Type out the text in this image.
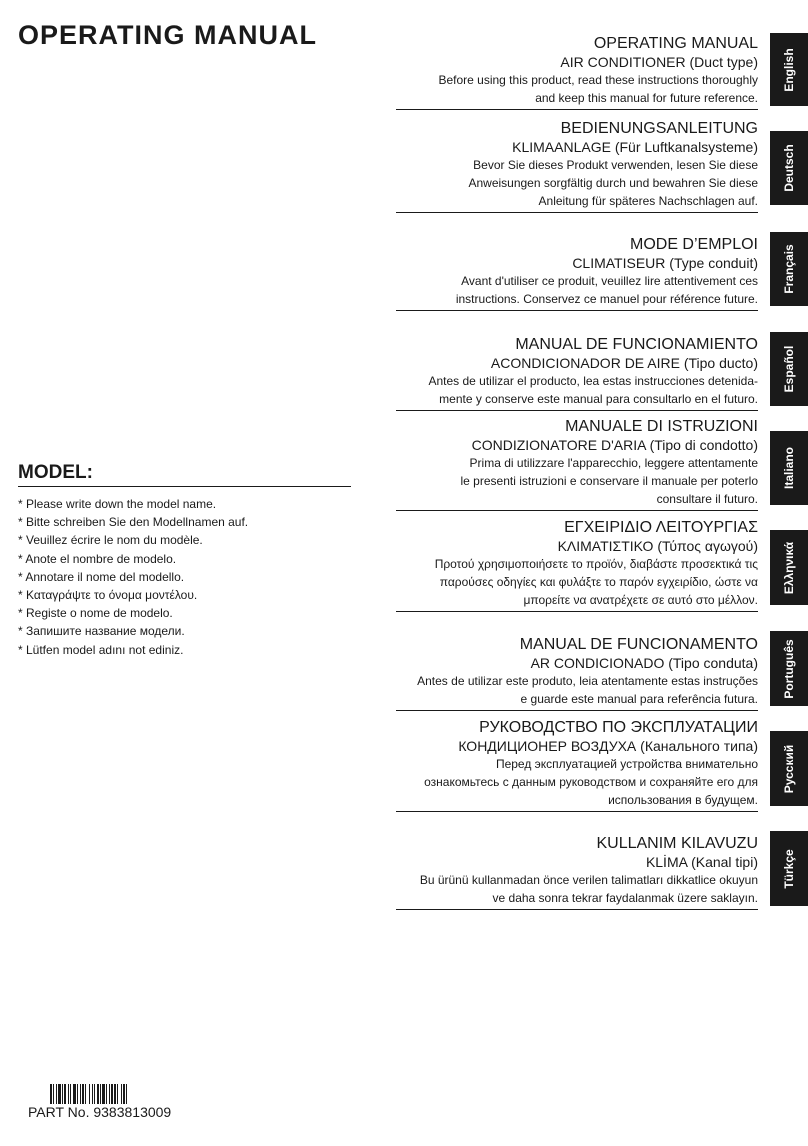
OPERATING MANUAL

MODEL:

* Please write down the model name.
* Bitte schreiben Sie den Modellnamen auf.
* Veuillez écrire le nom du modèle.
* Anote el nombre de modelo.
* Annotare il nome del modello.
* Καταγράψτε το όνομα μοντέλου.
* Registe o nome de modelo.
* Запишите название модели.
* Lütfen model adını not ediniz.

OPERATING MANUAL

AIR CONDITIONER (Duct type)

Before using this product, read these instructions thoroughly
and keep this manual for future reference.

BEDIENUNGSANLEITUNG

KLIMAANLAGE (Für Luftkanalsysteme)

Bevor Sie dieses Produkt verwenden, lesen Sie diese
Anweisungen sorgfältig durch und bewahren Sie diese
Anleitung für späteres Nachschlagen auf.

MODE D’EMPLOI

CLIMATISEUR (Type conduit)

Avant d'utiliser ce produit, veuillez lire attentivement ces
instructions. Conservez ce manuel pour référence future.

MANUAL DE FUNCIONAMIENTO

ACONDICIONADOR DE AIRE (Tipo ducto)

Antes de utilizar el producto, lea estas instrucciones detenida-
mente y conserve este manual para consultarlo en el futuro.

MANUALE DI ISTRUZIONI

CONDIZIONATORE D'ARIA (Tipo di condotto)

Prima di utilizzare l'apparecchio, leggere attentamente
le presenti istruzioni e conservare il manuale per poterlo
consultare il futuro.

ΕΓΧΕΙΡΙΔΙΟ ΛΕΙΤΟΥΡΓΙΑΣ

ΚΛΙΜΑΤΙΣΤΙΚΟ (Τύπος αγωγού)

Προτού χρησιμοποιήσετε το προϊόν, διαβάστε προσεκτικά τις
παρούσες οδηγίες και φυλάξτε το παρόν εγχειρίδιο, ώστε να
μπορείτε να ανατρέχετε σε αυτό στο μέλλον.

MANUAL DE FUNCIONAMENTO

AR CONDICIONADO (Tipo conduta)

Antes de utilizar este produto, leia atentamente estas instruções
e guarde este manual para referência futura.

РУКОВОДСТВО ПО ЭКСПЛУАТАЦИИ

КОНДИЦИОНЕР ВОЗДУХА (Канального типа)

Перед эксплуатацией устройства внимательно
ознакомьтесь с данным руководством и сохраняйте его для
использования в будущем.

KULLANIM KILAVUZU

KLİMA (Kanal tipi)

Bu ürünü kullanmadan önce verilen talimatları dikkatlice okuyun
ve daha sonra tekrar faydalanmak üzere saklayın.

English
Deutsch
Français
Español
Italiano
Ελληνικά
Português
Русский
Türkçe
PART No. 9383813009
